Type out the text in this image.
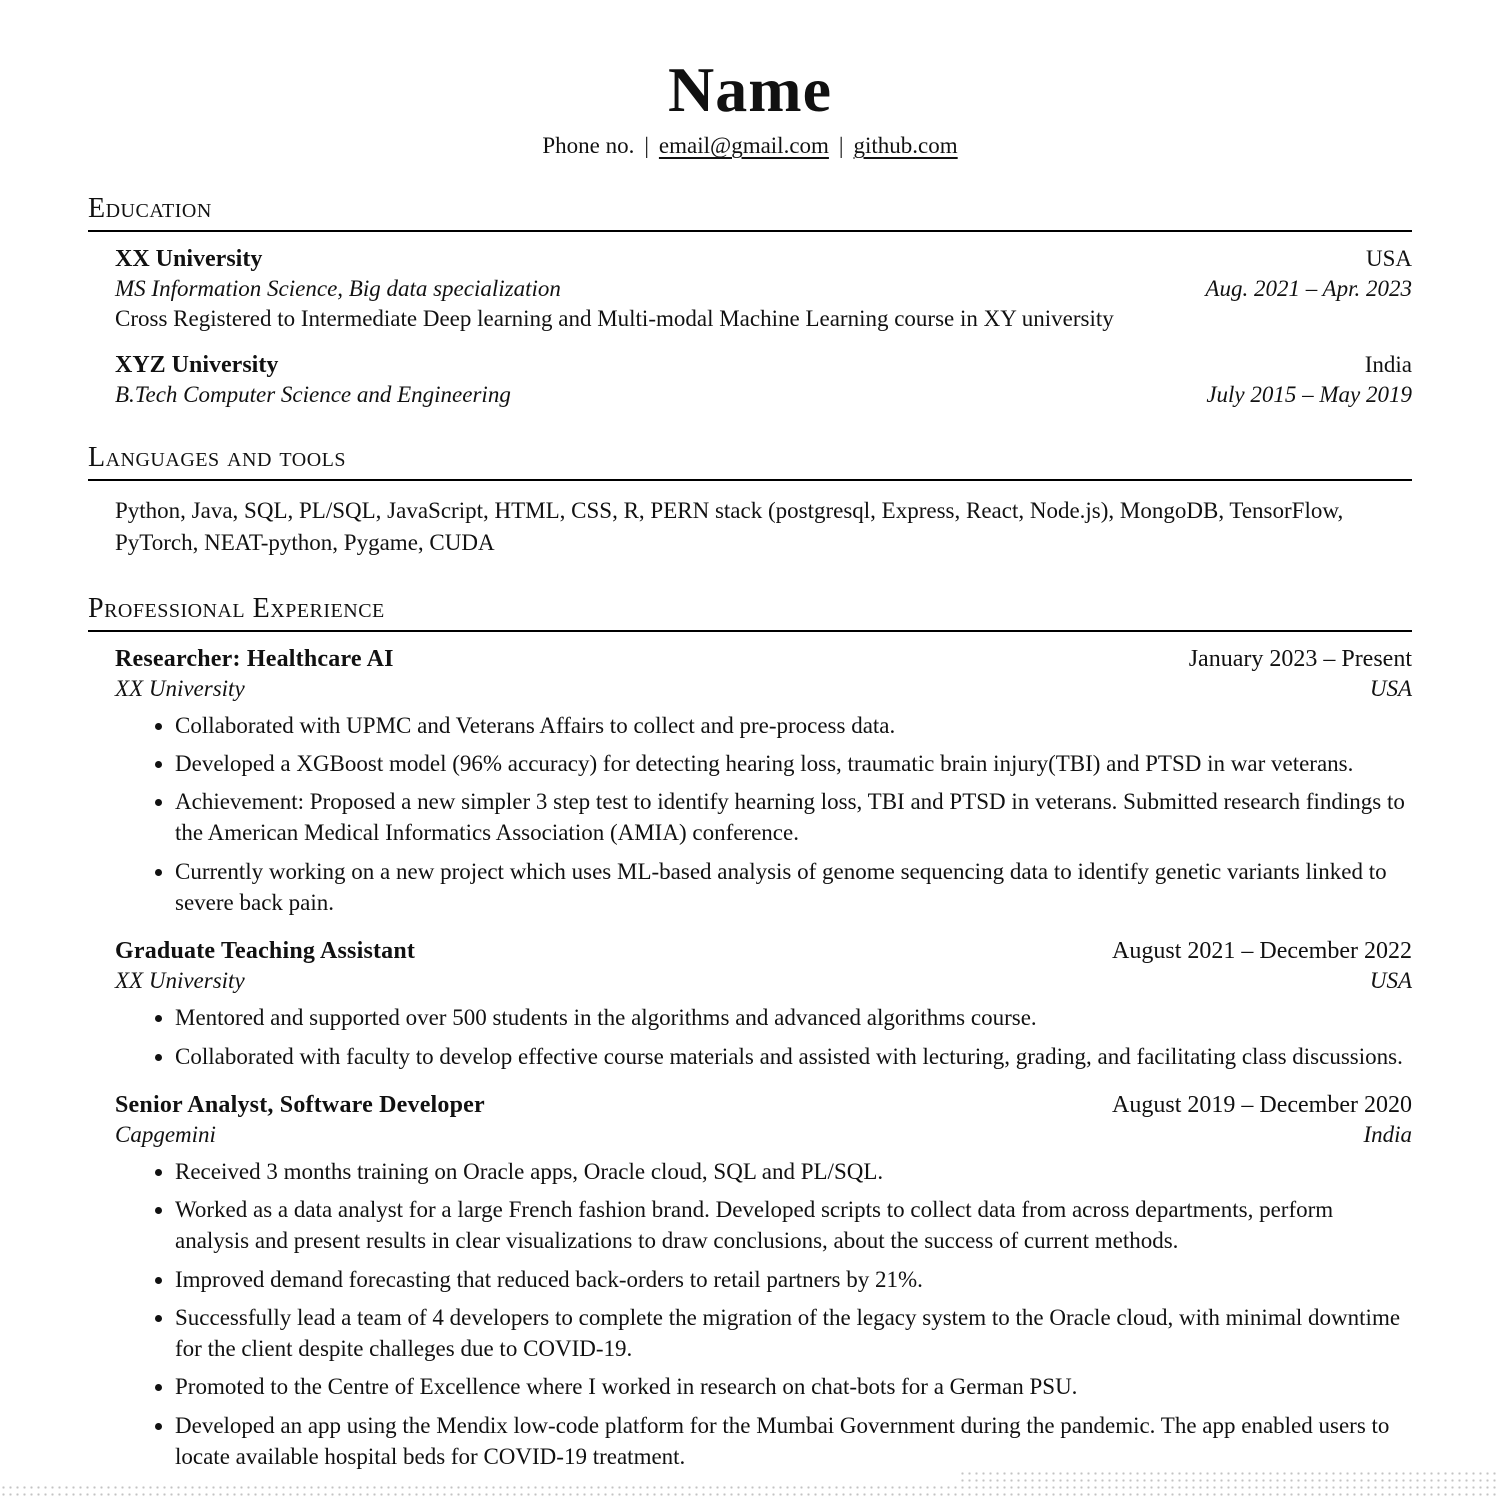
Name
Phone no. | email@gmail.com | github.com
Education
XX University	USA
MS Information Science, Big data specialization	Aug. 2021 – Apr. 2023
Cross Registered to Intermediate Deep learning and Multi-modal Machine Learning course in XY university
XYZ University	India
B.Tech Computer Science and Engineering	July 2015 – May 2019
Languages and tools

Python, Java, SQL, PL/SQL, JavaScript, HTML, CSS, R, PERN stack (postgresql, Express, React, Node.js), MongoDB, TensorFlow, PyTorch, NEAT-python, Pygame, CUDA

Professional Experience
Researcher: Healthcare AI	January 2023 – Present
XX University	USA
• Collaborated with UPMC and Veterans Affairs to collect and pre-process data.
• Developed a XGBoost model (96% accuracy) for detecting hearing loss, traumatic brain injury(TBI) and PTSD in war veterans.
• Achievement: Proposed a new simpler 3 step test to identify hearning loss, TBI and PTSD in veterans. Submitted research findings to the American Medical Informatics Association (AMIA) conference.
• Currently working on a new project which uses ML-based analysis of genome sequencing data to identify genetic variants linked to severe back pain.
Graduate Teaching Assistant	August 2021 – December 2022
XX University	USA
• Mentored and supported over 500 students in the algorithms and advanced algorithms course.
• Collaborated with faculty to develop effective course materials and assisted with lecturing, grading, and facilitating class discussions.
Senior Analyst, Software Developer	August 2019 – December 2020
Capgemini	India
• Received 3 months training on Oracle apps, Oracle cloud, SQL and PL/SQL.
• Worked as a data analyst for a large French fashion brand. Developed scripts to collect data from across departments, perform analysis and present results in clear visualizations to draw conclusions, about the success of current methods.
• Improved demand forecasting that reduced back-orders to retail partners by 21%.
• Successfully lead a team of 4 developers to complete the migration of the legacy system to the Oracle cloud, with minimal downtime for the client despite challeges due to COVID-19.
• Promoted to the Centre of Excellence where I worked in research on chat-bots for a German PSU.
• Developed an app using the Mendix low-code platform for the Mumbai Government during the pandemic. The app enabled users to locate available hospital beds for COVID-19 treatment.
